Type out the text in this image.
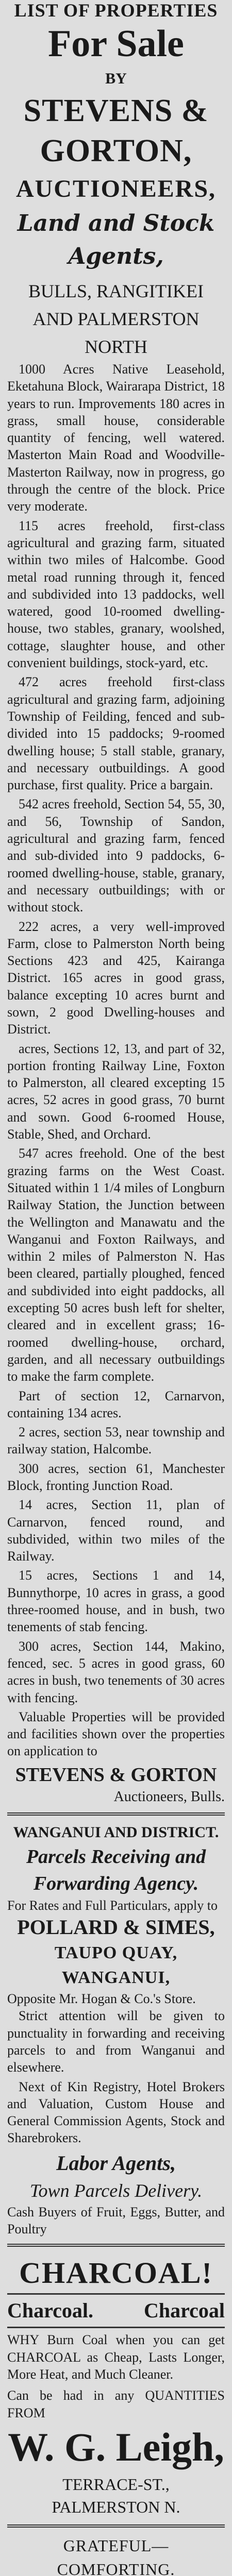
LIST OF PROPERTIES
For Sale
BY
STEVENS & GORTON,
AUCTIONEERS,
Land and Stock Agents,
BULLS, RANGITIKEI
AND PALMERSTON NORTH

1000 Acres Native Leasehold, Eketahuna Block, Wairarapa District, 18 years to run. Improvements 180 acres in grass, small house, considerable quantity of fencing, well watered. Masterton Main Road and Woodville-Masterton Railway, now in progress, go through the centre of the block. Price very moderate.

115 acres freehold, first-class agricultural and grazing farm, situated within two miles of Halcombe. Good metal road running through it, fenced and subdivided into 13 paddocks, well watered, good 10-roomed dwelling-house, two stables, granary, woolshed, cottage, slaughter house, and other convenient buildings, stock-yard, etc.

472 acres freehold first-class agricultural and grazing farm, adjoining Township of Feilding, fenced and sub-divided into 15 paddocks; 9-roomed dwelling house; 5 stall stable, granary, and necessary outbuildings. A good purchase, first quality. Price a bargain.

542 acres freehold, Section 54, 55, 30, and 56, Township of Sandon, agricultural and grazing farm, fenced and sub-divided into 9 paddocks, 6-roomed dwelling-house, stable, granary, and necessary outbuildings; with or without stock.

222 acres, a very well-improved Farm, close to Palmerston North being Sections 423 and 425, Kairanga District. 165 acres in good grass, balance excepting 10 acres burnt and sown, 2 good Dwelling-houses and District.

acres, Sections 12, 13, and part of 32, portion fronting Railway Line, Foxton to Palmerston, all cleared excepting 15 acres, 52 acres in good grass, 70 burnt and sown. Good 6-roomed House, Stable, Shed, and Orchard.

547 acres freehold. One of the best grazing farms on the West Coast. Situated within 1 1/4 miles of Longburn Railway Station, the Junction between the Wellington and Manawatu and the Wanganui and Foxton Railways, and within 2 miles of Palmerston N. Has been cleared, partially ploughed, fenced and subdivided into eight paddocks, all excepting 50 acres bush left for shelter, cleared and in excellent grass; 16-roomed dwelling-house, orchard, garden, and all necessary outbuildings to make the farm complete.

Part of section 12, Carnarvon, containing 134 acres.

2 acres, section 53, near township and railway station, Halcombe.

300 acres, section 61, Manchester Block, fronting Junction Road.

14 acres, Section 11, plan of Carnarvon, fenced round, and subdivided, within two miles of the Railway.

15 acres, Sections 1 and 14, Bunnythorpe, 10 acres in grass, a good three-roomed house, and in bush, two tenements of stab fencing.

300 acres, Section 144, Makino, fenced, sec. 5 acres in good grass, 60 acres in bush, two tenements of 30 acres with fencing.

Valuable Properties will be provided and facilities shown over the properties on application to

STEVENS & GORTON
Auctioneers, Bulls.
WANGANUI AND DISTRICT.
Parcels Receiving and Forwarding Agency.
For Rates and Full Particulars, apply to
POLLARD & SIMES,
TAUPO QUAY, WANGANUI,
Opposite Mr. Hogan & Co.'s Store.

Strict attention will be given to punctuality in forwarding and receiving parcels to and from Wanganui and elsewhere.

Next of Kin Registry, Hotel Brokers and Valuation, Custom House and General Commission Agents, Stock and Sharebrokers.

Labor Agents,
Town Parcels Delivery.
Cash Buyers of Fruit, Eggs, Butter, and Poultry
CHARCOAL!
Charcoal. Charcoal
WHY Burn Coal when you can get CHARCOAL as Cheap, Lasts Longer, More Heat, and Much Cleaner.
Can be had in any QUANTITIES FROM
W. G. Leigh,
TERRACE-ST., PALMERSTON N.
GRATEFUL—COMFORTING.
